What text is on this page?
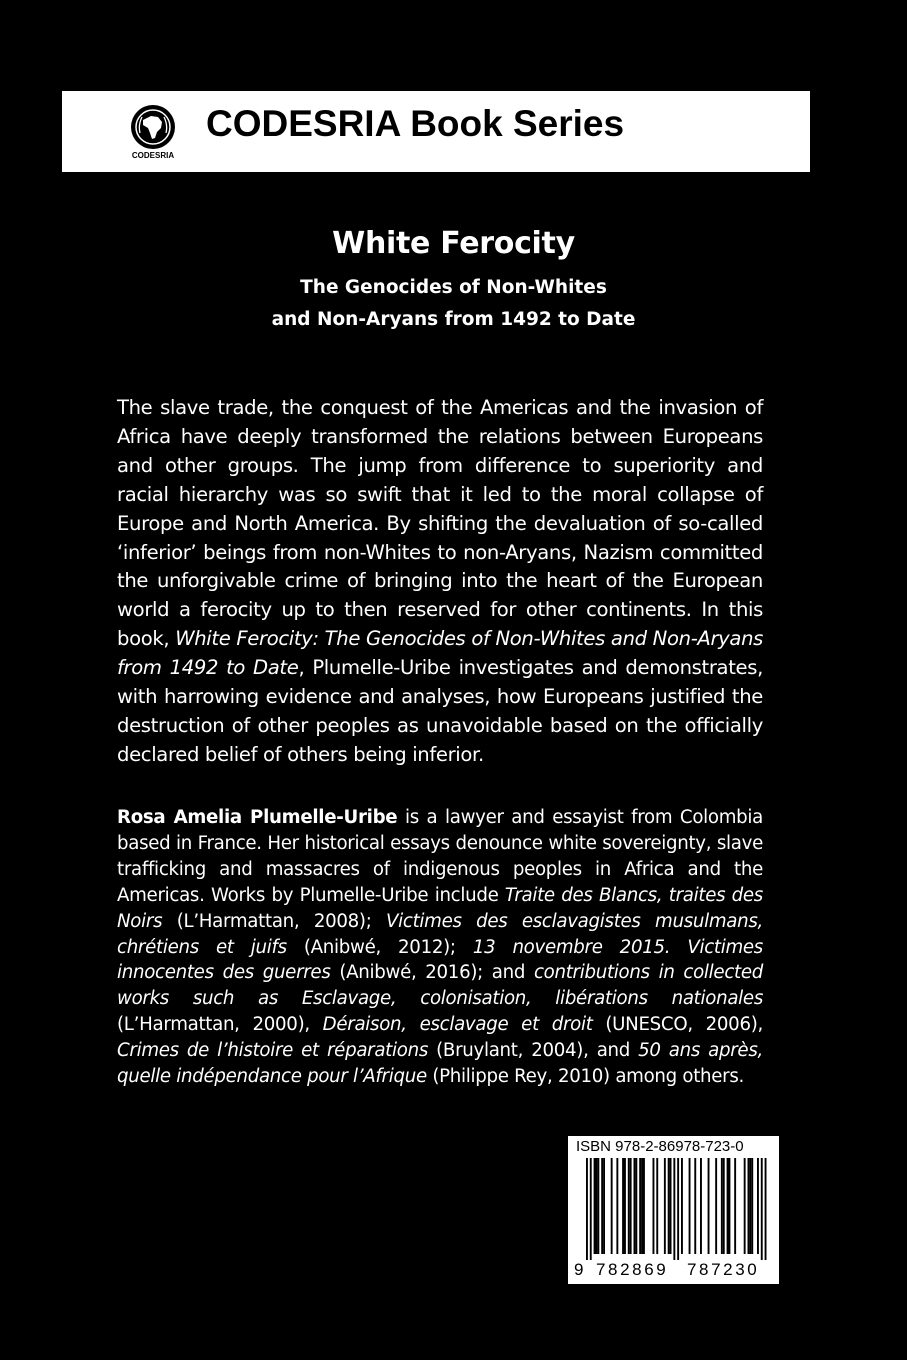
CODESRIA
CODESRIA Book Series
White Ferocity
The Genocides of Non-Whites
and Non-Aryans from 1492 to Date
The slave trade, the conquest of the Americas and the invasion of Africa have deeply transformed the relations between Europeans and other groups. The jump from difference to superiority and racial hierarchy was so swift that it led to the moral collapse of Europe and North America. By shifting the devaluation of so-called ‘inferior’ beings from non-Whites to non-Aryans, Nazism committed the unforgivable crime of bringing into the heart of the European world a ferocity up to then reserved for other continents. In this book, White Ferocity: The Genocides of Non-Whites and Non-Aryans from 1492 to Date, Plumelle-Uribe investigates and demonstrates, with harrowing evidence and analyses, how Europeans justified the destruction of other peoples as unavoidable based on the officially declared belief of others being inferior.
Rosa Amelia Plumelle-Uribe is a lawyer and essayist from Colombia based in France. Her historical essays denounce white sovereignty, slave trafficking and massacres of indigenous peoples in Africa and the Americas. Works by Plumelle-Uribe include Traite des Blancs, traites des Noirs (L’Harmattan, 2008); Victimes des esclavagistes musulmans, chrétiens et juifs (Anibwé, 2012); 13 novembre 2015. Victimes innocentes des guerres (Anibwé, 2016); and contributions in collected works such as Esclavage, colonisation, libérations nationales (L’Harmattan, 2000), Déraison, esclavage et droit (UNESCO, 2006), Crimes de l’histoire et réparations (Bruylant, 2004), and 50 ans après, quelle indépendance pour l’Afrique (Philippe Rey, 2010) among others.
ISBN 978-2-86978-723-0
9 782869 787230
